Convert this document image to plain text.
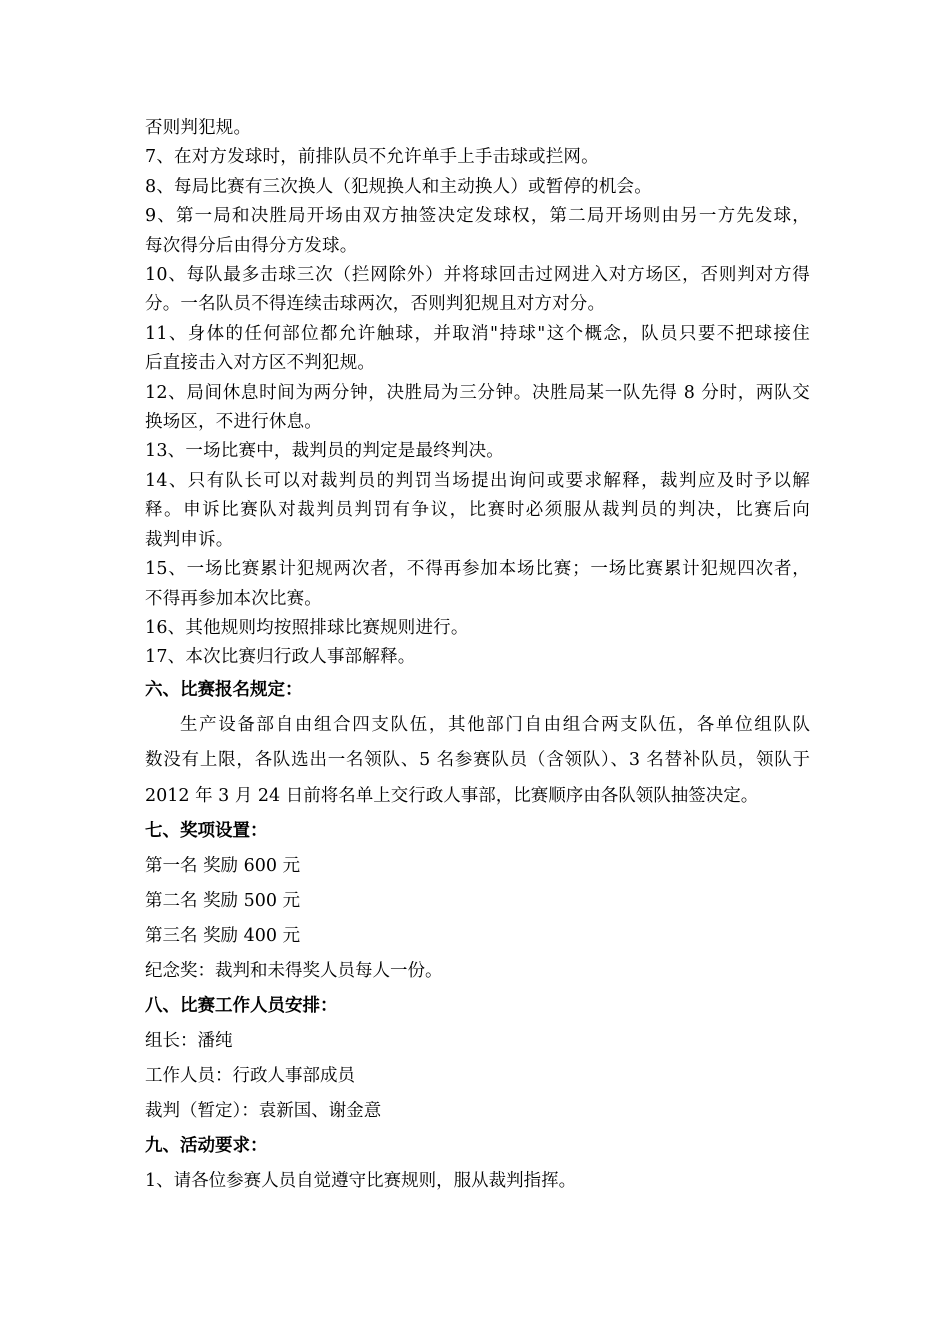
否则判犯规。

7、在对方发球时，前排队员不允许单手上手击球或拦网。

8、每局比赛有三次换人（犯规换人和主动换人）或暂停的机会。

9、第一局和决胜局开场由双方抽签决定发球权，第二局开场则由另一方先发球，

每次得分后由得分方发球。

10、每队最多击球三次（拦网除外）并将球回击过网进入对方场区，否则判对方得

分。一名队员不得连续击球两次，否则判犯规且对方对分。

11、身体的任何部位都允许触球，并取消"持球"这个概念，队员只要不把球接住

后直接击入对方区不判犯规。

12、局间休息时间为两分钟，决胜局为三分钟。决胜局某一队先得 8 分时，两队交

换场区，不进行休息。

13、一场比赛中，裁判员的判定是最终判决。

14、只有队长可以对裁判员的判罚当场提出询问或要求解释，裁判应及时予以解

释。申诉比赛队对裁判员判罚有争议，比赛时必须服从裁判员的判决，比赛后向

裁判申诉。

15、一场比赛累计犯规两次者，不得再参加本场比赛；一场比赛累计犯规四次者，

不得再参加本次比赛。

16、其他规则均按照排球比赛规则进行。

17、本次比赛归行政人事部解释。

六、比赛报名规定：

生产设备部自由组合四支队伍，其他部门自由组合两支队伍，各单位组队队

数没有上限，各队选出一名领队、5 名参赛队员（含领队）、3 名替补队员，领队于

2012 年 3 月 24 日前将名单上交行政人事部，比赛顺序由各队领队抽签决定。

七、奖项设置：

第一名 奖励 600 元

第二名 奖励 500 元

第三名 奖励 400 元

纪念奖：裁判和未得奖人员每人一份。

八、比赛工作人员安排：

组长：潘纯

工作人员：行政人事部成员

裁判（暂定）：袁新国、谢金意

九、活动要求：

1、请各位参赛人员自觉遵守比赛规则，服从裁判指挥。
